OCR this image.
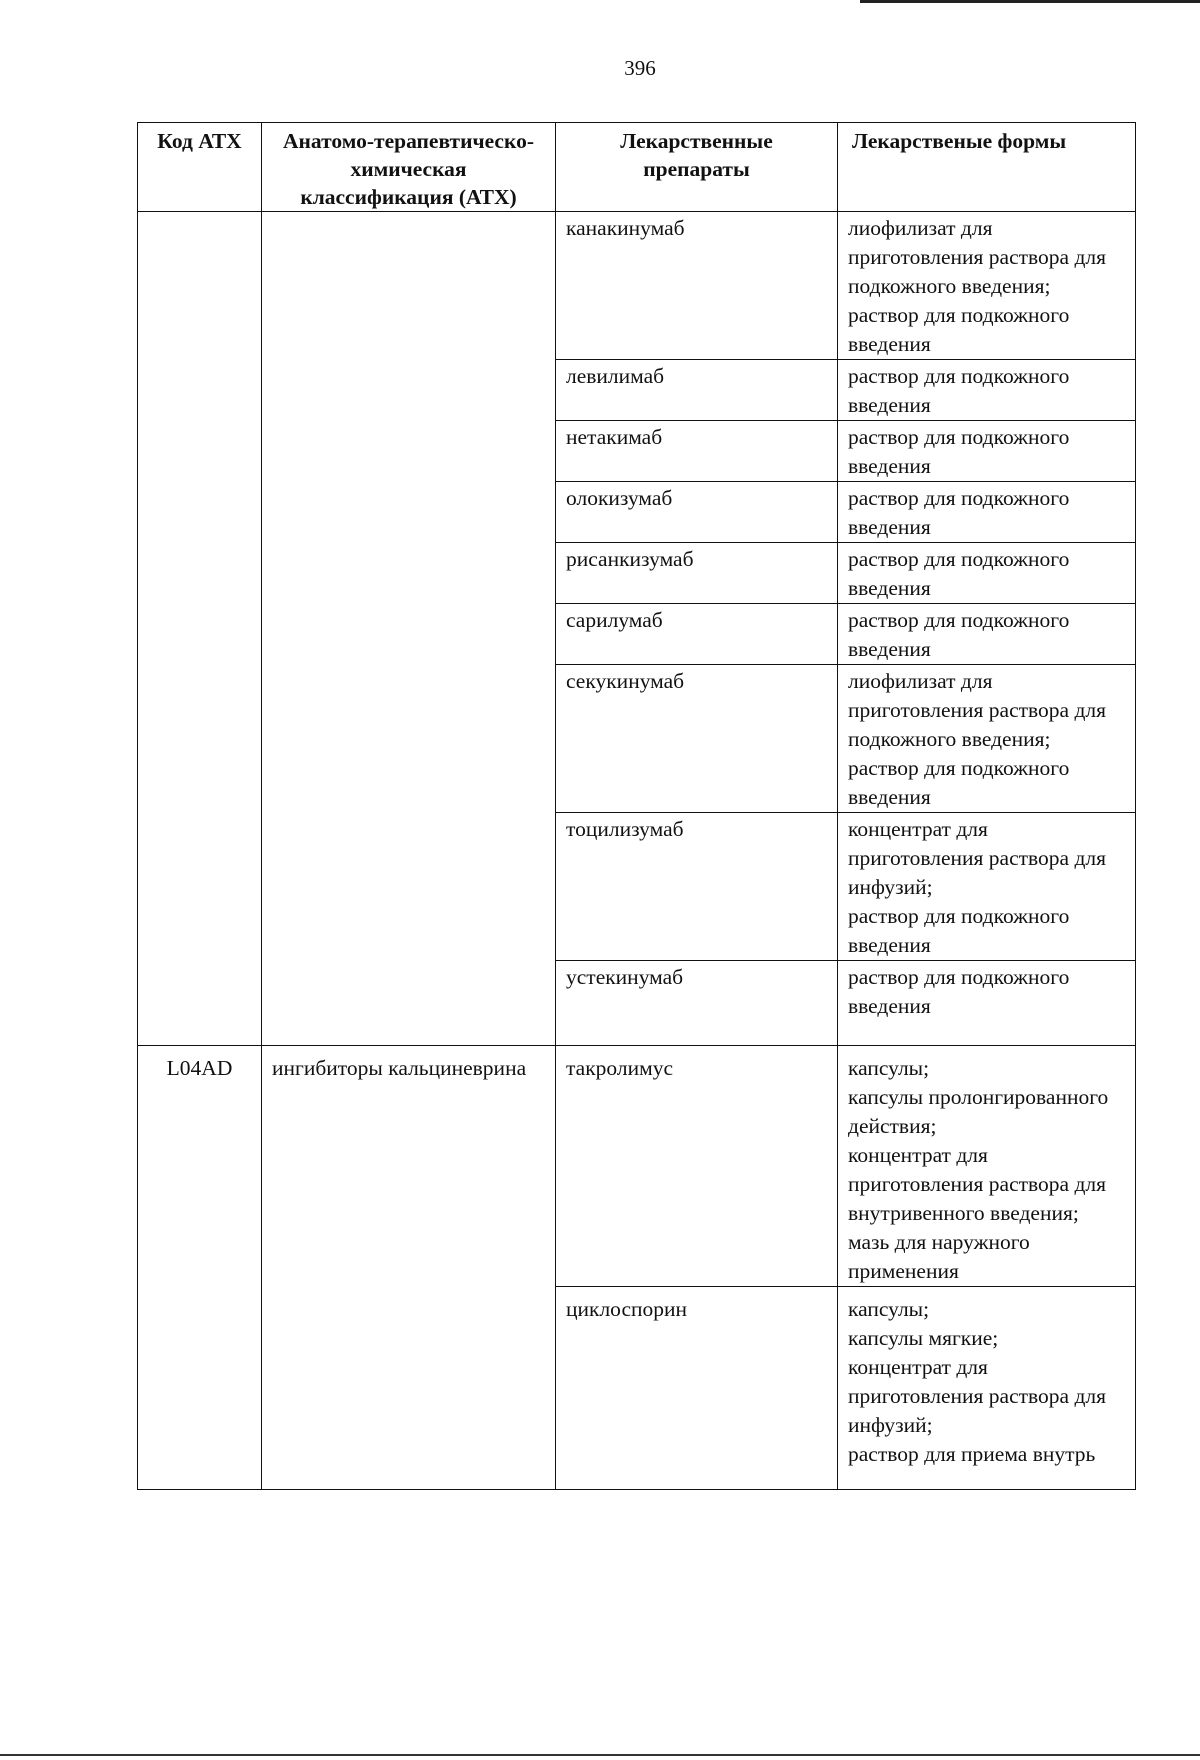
396
Код АТХ	Анатомо-терапевтическо-химическая классификация (АТХ)	Лекарственные препараты	Лекарственые формы
		канакинумаб	лиофилизат для приготовления раствора для подкожного введения;
раствор для подкожного введения

		левилимаб	раствор для подкожного введения

		нетакимаб	раствор для подкожного введения

		олокизумаб	раствор для подкожного введения

		рисанкизумаб	раствор для подкожного введения

		сарилумаб	раствор для подкожного введения

		секукинумаб	лиофилизат для приготовления раствора для подкожного введения;
раствор для подкожного введения

		тоцилизумаб	концентрат для приготовления раствора для инфузий;
раствор для подкожного введения

		устекинумаб	раствор для подкожного введения

L04AD	ингибиторы кальциневрина	такролимус	капсулы;
капсулы пролонгированного действия;
концентрат для приготовления раствора для внутривенного введения;
мазь для наружного применения

		циклоспорин	капсулы;
капсулы мягкие;
концентрат для приготовления раствора для инфузий;
раствор для приема внутрь
